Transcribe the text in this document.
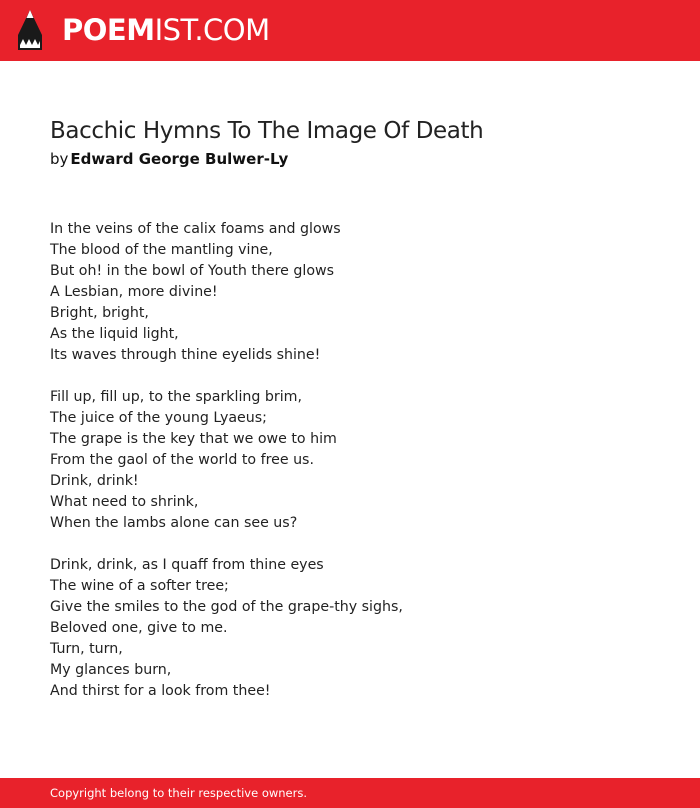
POEMIST.COM
Bacchic Hymns To The Image Of Death
by Edward George Bulwer-Ly
In the veins of the calix foams and glows
The blood of the mantling vine,
But oh! in the bowl of Youth there glows
A Lesbian, more divine!
Bright, bright,
As the liquid light,
Its waves through thine eyelids shine!
Fill up, fill up, to the sparkling brim,
The juice of the young Lyaeus;
The grape is the key that we owe to him
From the gaol of the world to free us.
Drink, drink!
What need to shrink,
When the lambs alone can see us?
Drink, drink, as I quaff from thine eyes
The wine of a softer tree;
Give the smiles to the god of the grape-thy sighs,
Beloved one, give to me.
Turn, turn,
My glances burn,
And thirst for a look from thee!
Copyright belong to their respective owners.
